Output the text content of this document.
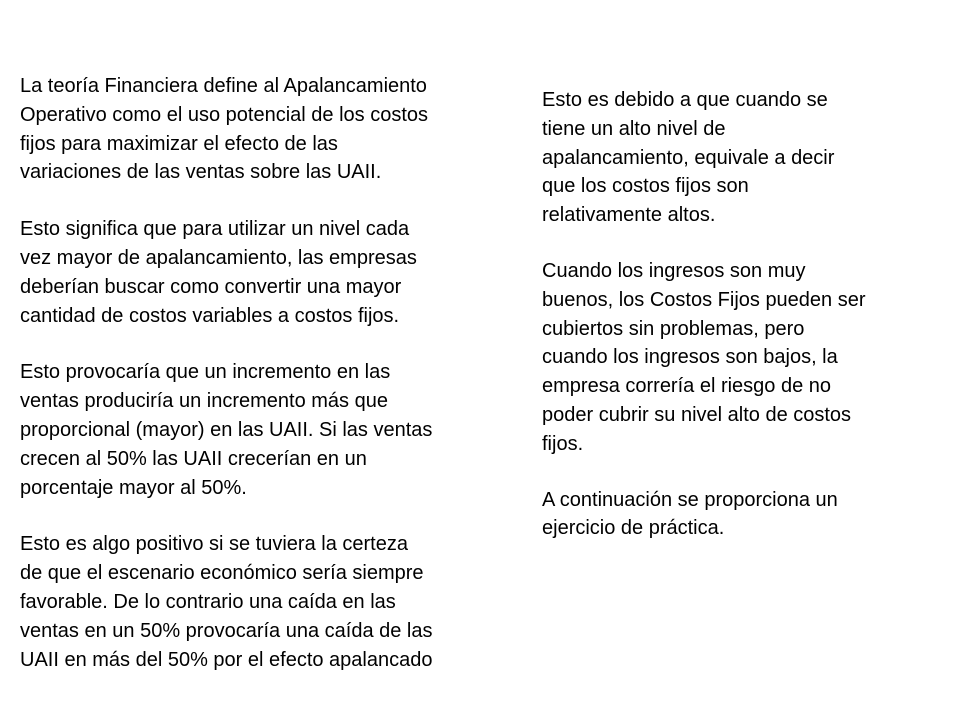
La teoría Financiera define al Apalancamiento
Operativo como el uso potencial de los costos
fijos para maximizar el efecto de las
variaciones de las ventas sobre las UAII.

Esto significa que para utilizar un nivel cada
vez mayor de apalancamiento, las empresas
deberían buscar como convertir una mayor
cantidad de costos variables a costos fijos.

Esto provocaría que un incremento en las
ventas produciría un incremento más que
proporcional (mayor) en las UAII. Si las ventas
crecen al 50% las UAII crecerían en un
porcentaje mayor al 50%.

Esto es algo positivo si se tuviera la certeza
de que el escenario económico sería siempre
favorable. De lo contrario una caída en las
ventas en un 50% provocaría una caída de las
UAII en más del 50% por el efecto apalancado

Esto es debido a que cuando se
tiene un alto nivel de
apalancamiento, equivale a decir
que los costos fijos son
relativamente altos.

Cuando los ingresos son muy
buenos, los Costos Fijos pueden ser
cubiertos sin problemas, pero
cuando los ingresos son bajos, la
empresa correría el riesgo de no
poder cubrir su nivel alto de costos
fijos.

A continuación se proporciona un
ejercicio de práctica.
